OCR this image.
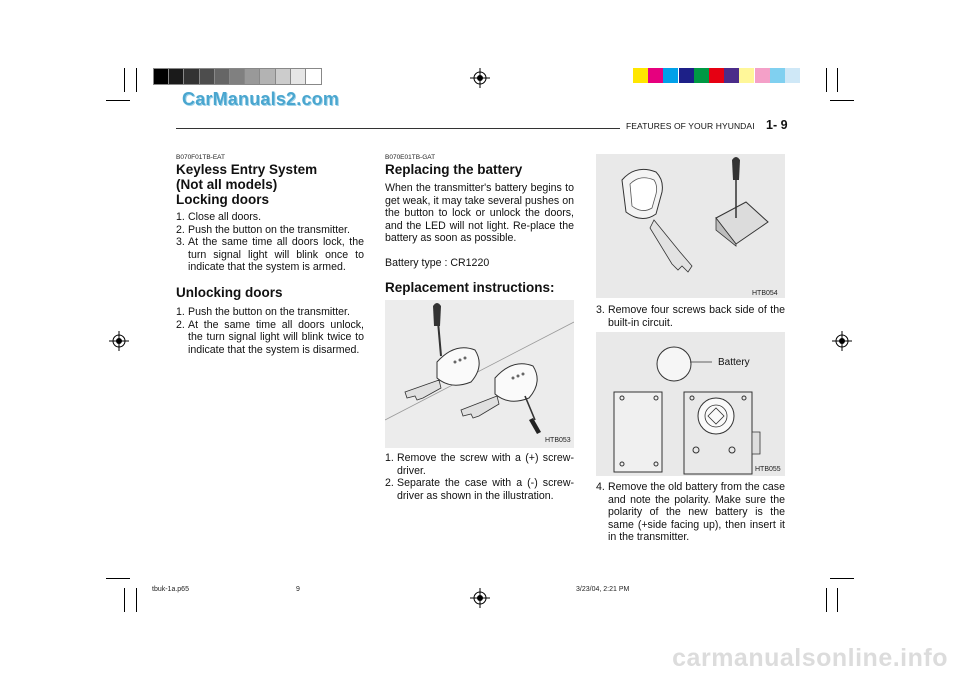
CarManuals2.com
FEATURES OF YOUR HYUNDAI 1- 9
B070F01TB-EAT
Keyless Entry System
(Not all models)
Locking doors
1. Close all doors.
2. Push the button on the transmitter.
3. At the same time all doors lock, the turn signal light will blink once to indicate that the system is armed.
Unlocking doors
1. Push the button on the transmitter.
2. At the same time all doors unlock, the turn signal light will blink twice to indicate that the system is disarmed.
B070E01TB-GAT
Replacing the battery
When the transmitter's battery begins to get weak, it may take several pushes on the button to lock or unlock the doors, and the LED will not light. Re-place the battery as soon as possible.
Battery type : CR1220
Replacement instructions:
HTB053
1. Remove the screw with a (+) screw-driver.
2. Separate the case with a (-) screw-driver as shown in the illustration.
HTB054
3. Remove four screws back side of the built-in circuit.
Battery
HTB055
4. Remove the old battery from the case and note the polarity. Make sure the polarity of the new battery is the same (+side facing up), then insert it in the transmitter.
tbuk-1a.p65	9	3/23/04, 2:21 PM
carmanualsonline.info
